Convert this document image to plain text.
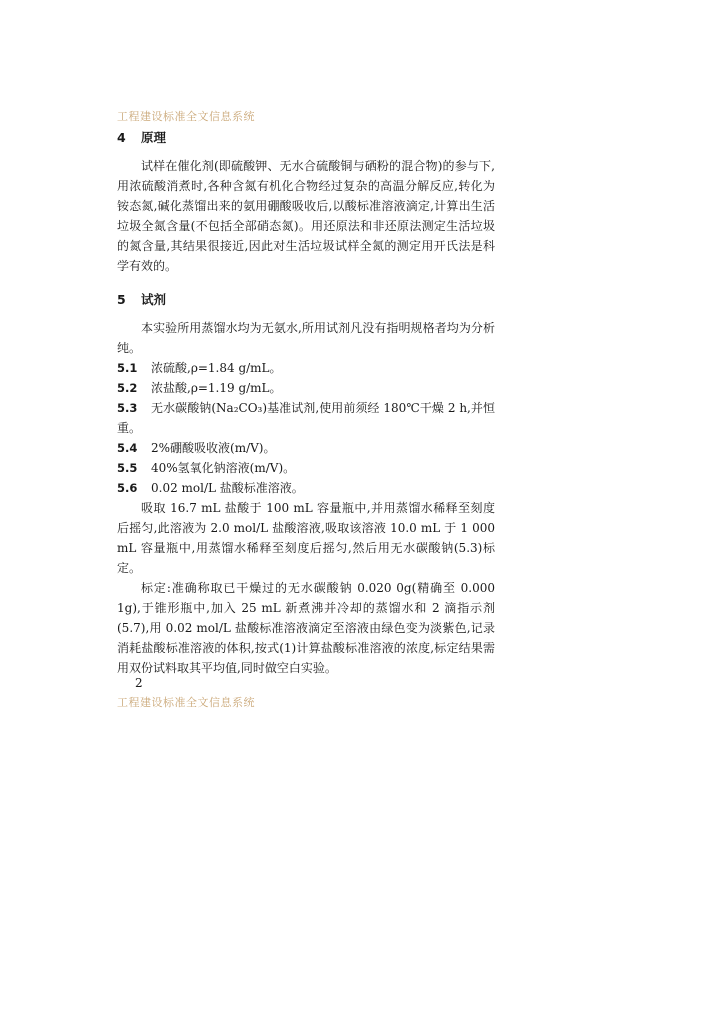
工程建设标准全文信息系统
4 原理

试样在催化剂(即硫酸钾、无水合硫酸铜与硒粉的混合物)的参与下,用浓硫酸消煮时,各种含氮有机化合物经过复杂的高温分解反应,转化为铵态氮,碱化蒸馏出来的氨用硼酸吸收后,以酸标准溶液滴定,计算出生活垃圾全氮含量(不包括全部硝态氮)。用还原法和非还原法测定生活垃圾的氮含量,其结果很接近,因此对生活垃圾试样全氮的测定用开氏法是科学有效的。

5 试剂

本实验所用蒸馏水均为无氨水,所用试剂凡没有指明规格者均为分析纯。

5.1 浓硫酸,ρ=1.84 g/mL。
5.2 浓盐酸,ρ=1.19 g/mL。
5.3 无水碳酸钠(Na₂CO₃)基准试剂,使用前须经 180℃干燥 2 h,并恒重。
5.4 2%硼酸吸收液(m/V)。
5.5 40%氢氧化钠溶液(m/V)。
5.6 0.02 mol/L 盐酸标准溶液。

吸取 16.7 mL 盐酸于 100 mL 容量瓶中,并用蒸馏水稀释至刻度后摇匀,此溶液为 2.0 mol/L 盐酸溶液,吸取该溶液 10.0 mL 于 1 000 mL 容量瓶中,用蒸馏水稀释至刻度后摇匀,然后用无水碳酸钠(5.3)标定。

标定:准确称取已干燥过的无水碳酸钠 0.020 0g(精确至 0.000 1g),于锥形瓶中,加入 25 mL 新煮沸并冷却的蒸馏水和 2 滴指示剂(5.7),用 0.02 mol/L 盐酸标准溶液滴定至溶液由绿色变为淡紫色,记录消耗盐酸标准溶液的体积,按式(1)计算盐酸标准溶液的浓度,标定结果需用双份试料取其平均值,同时做空白实验。

2
工程建设标准全文信息系统
